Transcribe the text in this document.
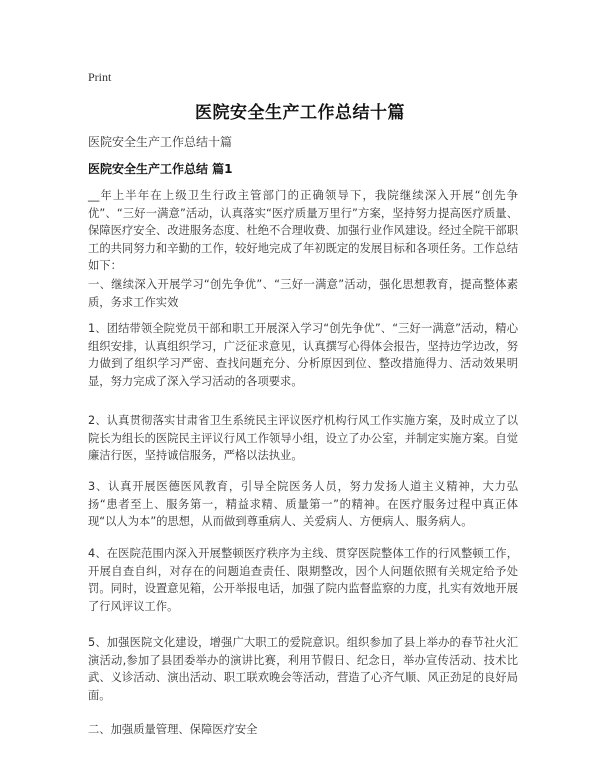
Print
医院安全生产工作总结十篇
医院安全生产工作总结十篇
医院安全生产工作总结 篇1
__年上半年在上级卫生行政主管部门的正确领导下，我院继续深入开展“创先争优”、“三好一满意”活动，认真落实“医疗质量万里行”方案，坚持努力提高医疗质量、保障医疗安全、改进服务态度、杜绝不合理收费、加强行业作风建设。经过全院干部职工的共同努力和辛勤的工作，较好地完成了年初既定的发展目标和各项任务。工作总结如下：
一、继续深入开展学习“创先争优”、“三好一满意”活动，强化思想教育，提高整体素质，务求工作实效
1、团结带领全院党员干部和职工开展深入学习“创先争优”、“三好一满意”活动，精心组织安排，认真组织学习，广泛征求意见，认真撰写心得体会报告，坚持边学边改，努力做到了组织学习严密、查找问题充分、分析原因到位、整改措施得力、活动效果明显，努力完成了深入学习活动的各项要求。
2、认真贯彻落实甘肃省卫生系统民主评议医疗机构行风工作实施方案，及时成立了以院长为组长的医院民主评议行风工作领导小组，设立了办公室，并制定实施方案。自觉廉洁行医，坚持诚信服务，严格以法执业。
3、认真开展医德医风教育，引导全院医务人员，努力发扬人道主义精神，大力弘扬“患者至上、服务第一，精益求精、质量第一”的精神。在医疗服务过程中真正体现“以人为本”的思想，从而做到尊重病人、关爱病人、方便病人、服务病人。
4、在医院范围内深入开展整顿医疗秩序为主线、贯穿医院整体工作的行风整顿工作，开展自查自纠，对存在的问题追查责任、限期整改，因个人问题依照有关规定给予处罚。同时，设置意见箱，公开举报电话，加强了院内监督监察的力度，扎实有效地开展了行风评议工作。
5、加强医院文化建设，增强广大职工的爱院意识。组织参加了县上举办的春节社火汇演活动,参加了县团委举办的演讲比赛，利用节假日、纪念日，举办宣传活动、技术比武、义诊活动、演出活动、职工联欢晚会等活动，营造了心齐气顺、风正劲足的良好局面。
二、加强质量管理、保障医疗安全
